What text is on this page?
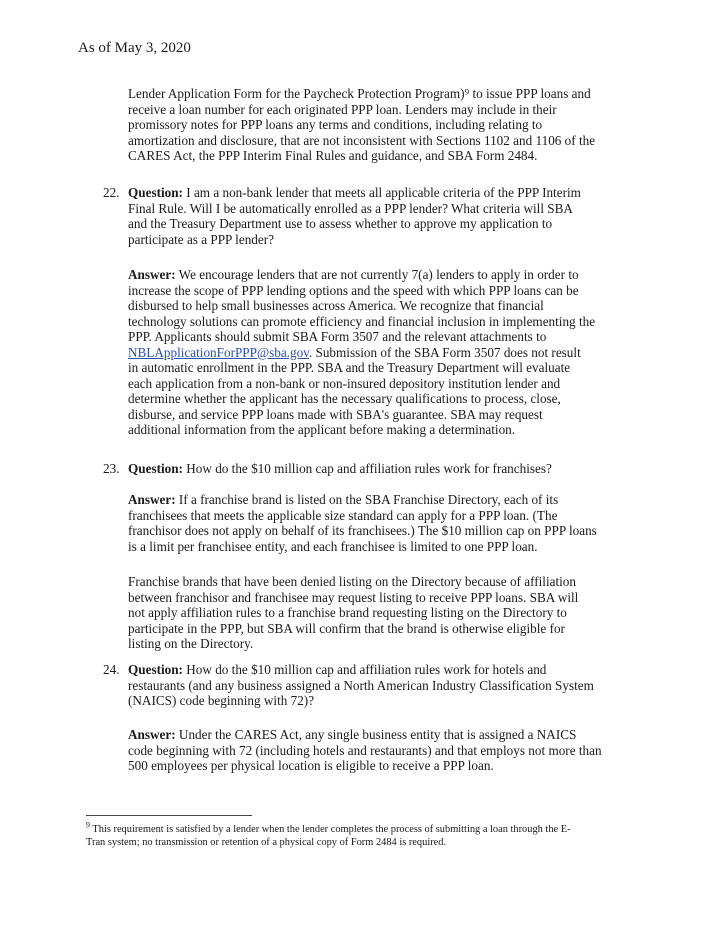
As of May 3, 2020
Lender Application Form for the Paycheck Protection Program)⁹ to issue PPP loans and
receive a loan number for each originated PPP loan. Lenders may include in their
promissory notes for PPP loans any terms and conditions, including relating to
amortization and disclosure, that are not inconsistent with Sections 1102 and 1106 of the
CARES Act, the PPP Interim Final Rules and guidance, and SBA Form 2484.
22. Question: I am a non-bank lender that meets all applicable criteria of the PPP Interim
Final Rule. Will I be automatically enrolled as a PPP lender? What criteria will SBA
and the Treasury Department use to assess whether to approve my application to
participate as a PPP lender?
Answer: We encourage lenders that are not currently 7(a) lenders to apply in order to
increase the scope of PPP lending options and the speed with which PPP loans can be
disbursed to help small businesses across America. We recognize that financial
technology solutions can promote efficiency and financial inclusion in implementing the
PPP. Applicants should submit SBA Form 3507 and the relevant attachments to
NBLApplicationForPPP@sba.gov. Submission of the SBA Form 3507 does not result
in automatic enrollment in the PPP. SBA and the Treasury Department will evaluate
each application from a non-bank or non-insured depository institution lender and
determine whether the applicant has the necessary qualifications to process, close,
disburse, and service PPP loans made with SBA's guarantee. SBA may request
additional information from the applicant before making a determination.
23. Question: How do the $10 million cap and affiliation rules work for franchises?
Answer: If a franchise brand is listed on the SBA Franchise Directory, each of its
franchisees that meets the applicable size standard can apply for a PPP loan. (The
franchisor does not apply on behalf of its franchisees.) The $10 million cap on PPP loans
is a limit per franchisee entity, and each franchisee is limited to one PPP loan.
Franchise brands that have been denied listing on the Directory because of affiliation
between franchisor and franchisee may request listing to receive PPP loans. SBA will
not apply affiliation rules to a franchise brand requesting listing on the Directory to
participate in the PPP, but SBA will confirm that the brand is otherwise eligible for
listing on the Directory.
24. Question: How do the $10 million cap and affiliation rules work for hotels and
restaurants (and any business assigned a North American Industry Classification System
(NAICS) code beginning with 72)?
Answer: Under the CARES Act, any single business entity that is assigned a NAICS
code beginning with 72 (including hotels and restaurants) and that employs not more than
500 employees per physical location is eligible to receive a PPP loan.
$^9$ This requirement is satisfied by a lender when the lender completes the process of submitting a loan through the E-
Tran system; no transmission or retention of a physical copy of Form 2484 is required.
